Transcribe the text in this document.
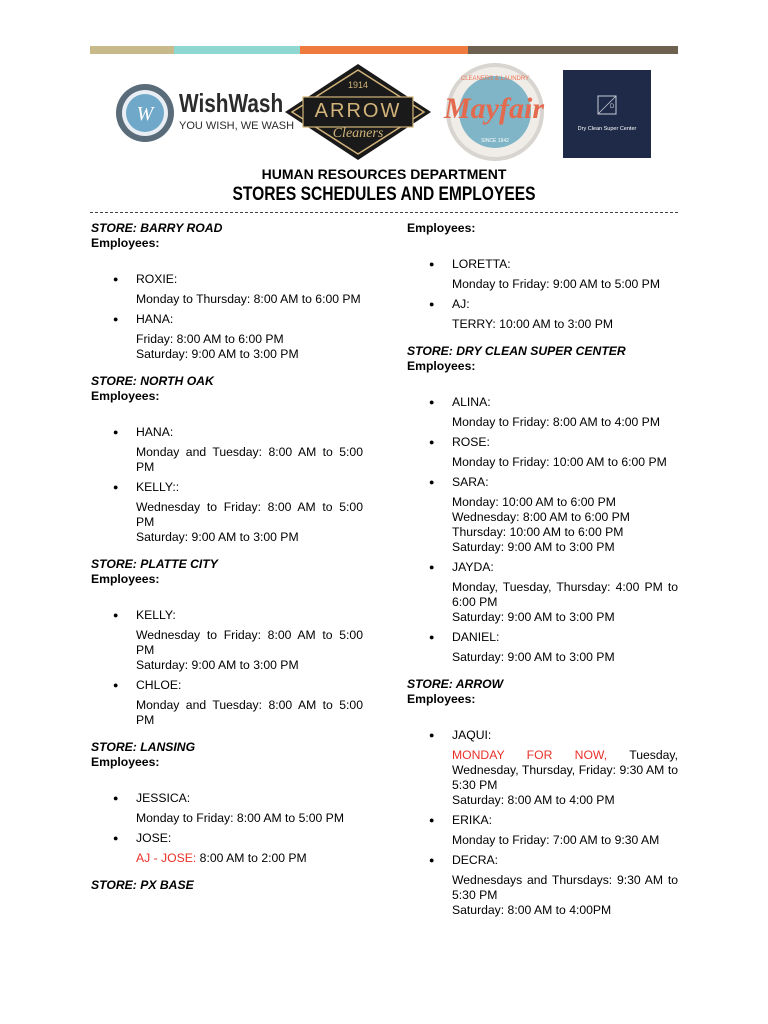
W WishWash
YOU WISH, WE WASH
1914
ARROW
Cleaners
CLEANERS & LAUNDRY
Mayfair
SINCE 1942
D
Dry Clean Super Center
HUMAN RESOURCES DEPARTMENT
STORES SCHEDULES AND EMPLOYEES
STORE: BARRY ROAD
Employees:
● ROXIE:
Monday to Thursday: 8:00 AM to 6:00 PM
● HANA:
Friday: 8:00 AM to 6:00 PM
Saturday: 9:00 AM to 3:00 PM
STORE: NORTH OAK
Employees:
● HANA:
Monday and Tuesday: 8:00 AM to 5:00 PM
● KELLY::
Wednesday to Friday: 8:00 AM to 5:00 PM
Saturday: 9:00 AM to 3:00 PM
STORE: PLATTE CITY
Employees:
● KELLY:
Wednesday to Friday: 8:00 AM to 5:00 PM
Saturday: 9:00 AM to 3:00 PM
● CHLOE:
Monday and Tuesday: 8:00 AM to 5:00 PM
STORE: LANSING
Employees:
● JESSICA:
Monday to Friday: 8:00 AM to 5:00 PM
● JOSE:
AJ - JOSE: 8:00 AM to 2:00 PM
STORE: PX BASE
Employees:
● LORETTA:
Monday to Friday: 9:00 AM to 5:00 PM
● AJ:
TERRY: 10:00 AM to 3:00 PM
STORE: DRY CLEAN SUPER CENTER
Employees:
● ALINA:
Monday to Friday: 8:00 AM to 4:00 PM
● ROSE:
Monday to Friday: 10:00 AM to 6:00 PM
● SARA:
Monday: 10:00 AM to 6:00 PM
Wednesday: 8:00 AM to 6:00 PM
Thursday: 10:00 AM to 6:00 PM
Saturday: 9:00 AM to 3:00 PM
● JAYDA:
Monday, Tuesday, Thursday: 4:00 PM to 6:00 PM
Saturday: 9:00 AM to 3:00 PM
● DANIEL:
Saturday: 9:00 AM to 3:00 PM
STORE: ARROW
Employees:
● JAQUI:
MONDAY FOR NOW, Tuesday, Wednesday, Thursday, Friday: 9:30 AM to 5:30 PM
Saturday: 8:00 AM to 4:00 PM
● ERIKA:
Monday to Friday: 7:00 AM to 9:30 AM
● DECRA:
Wednesdays and Thursdays: 9:30 AM to 5:30 PM
Saturday: 8:00 AM to 4:00PM
